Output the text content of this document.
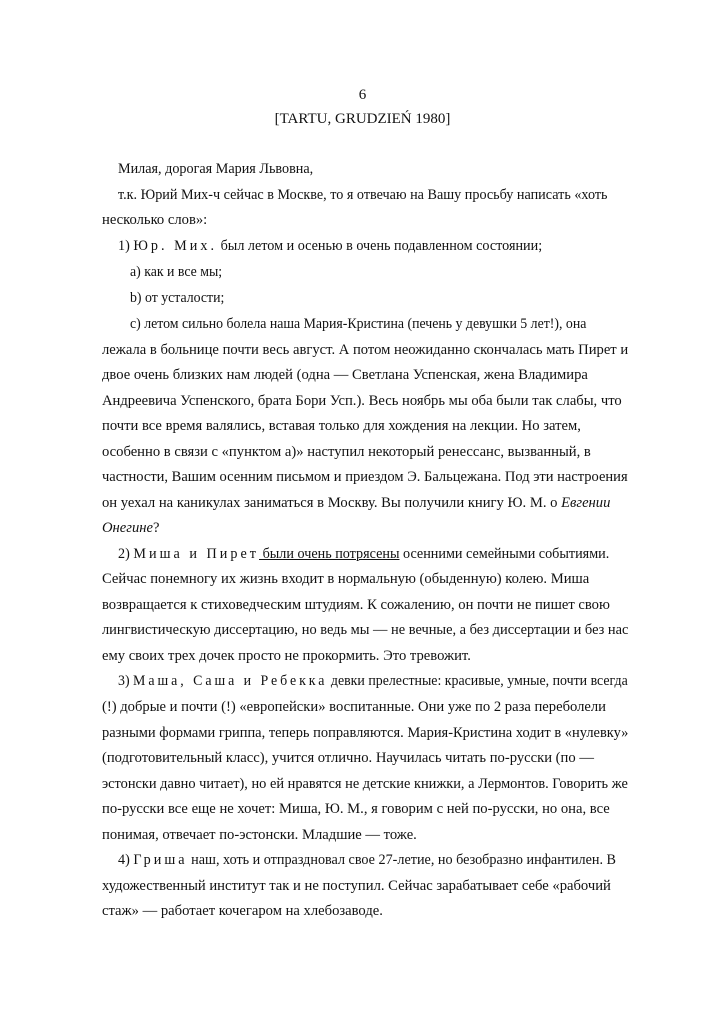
6
[TARTU, GRUDZIEŃ 1980]
Милая, дорогая Мария Львовна,
т.к. Юрий Мих-ч сейчас в Москве, то я отвечаю на Вашу просьбу написать «хоть
несколько слов»:
1) Юр. Мих. был летом и осенью в очень подавленном состоянии;
а) как и все мы;
b) от усталости;
c) летом сильно болела наша Мария-Кристина (печень у девушки 5 лет!), она
лежала в больнице почти весь август. А потом неожиданно скончалась мать Пирет и
двое очень близких нам людей (одна — Светлана Успенская, жена Владимира
Андреевича Успенского, брата Бори Усп.). Весь ноябрь мы оба были так слабы, что
почти все время валялись, вставая только для хождения на лекции. Но затем,
особенно в связи с «пунктом а)» наступил некоторый ренессанс, вызванный, в
частности, Вашим осенним письмом и приездом Э. Бальцежана. Под эти настроения
он уехал на каникулах заниматься в Москву. Вы получили книгу Ю. М. о Евгении
Онегине?
2) Миша и Пирет были очень потрясены осенними семейными событиями.
Сейчас понемногу их жизнь входит в нормальную (обыденную) колею. Миша
возвращается к стиховедческим штудиям. К сожалению, он почти не пишет свою
лингвистическую диссертацию, но ведь мы — не вечные, а без диссертации и без нас
ему своих трех дочек просто не прокормить. Это тревожит.
3) Маша, Саша и Ребекка девки прелестные: красивые, умные, почти всегда
(!) добрые и почти (!) «европейски» воспитанные. Они уже по 2 раза переболели
разными формами гриппа, теперь поправляются. Мария-Кристина ходит в «нулевку»
(подготовительный класс), учится отлично. Научилась читать по-русски (по —
эстонски давно читает), но ей нравятся не детские книжки, а Лермонтов. Говорить же
по-русски все еще не хочет: Миша, Ю. М., я говорим с ней по-русски, но она, все
понимая, отвечает по-эстонски. Младшие — тоже.
4) Гриша наш, хоть и отпраздновал свое 27-летие, но безобразно инфантилен. В
художественный институт так и не поступил. Сейчас зарабатывает себе «рабочий
стаж» — работает кочегаром на хлебозаводе.
